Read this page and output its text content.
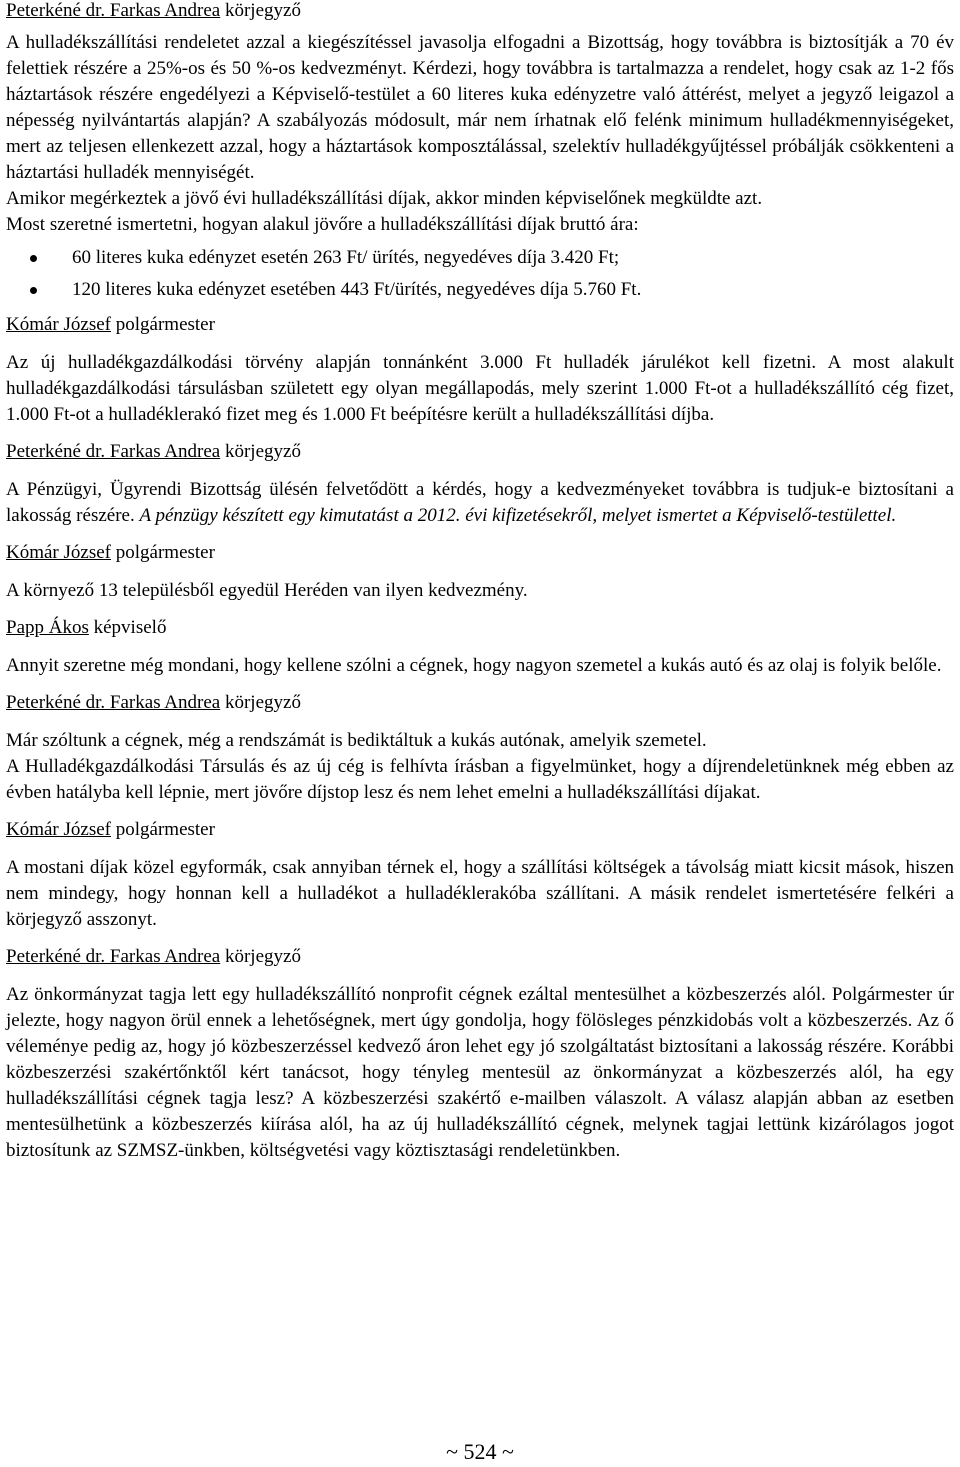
Peterkéné dr. Farkas Andrea körjegyző

A hulladékszállítási rendeletet azzal a kiegészítéssel javasolja elfogadni a Bizottság, hogy továbbra is biztosítják a 70 év felettiek részére a 25%-os és 50 %-os kedvezményt. Kérdezi, hogy továbbra is tartalmazza a rendelet, hogy csak az 1-2 fős háztartások részére engedélyezi a Képviselő-testület a 60 literes kuka edényzetre való áttérést, melyet a jegyző leigazol a népesség nyilvántartás alapján? A szabályozás módosult, már nem írhatnak elő felénk minimum hulladékmennyiségeket, mert az teljesen ellenkezett azzal, hogy a háztartások komposztálással, szelektív hulladékgyűjtéssel próbálják csökkenteni a háztartási hulladék mennyiségét.

Amikor megérkeztek a jövő évi hulladékszállítási díjak, akkor minden képviselőnek megküldte azt.

Most szeretné ismertetni, hogyan alakul jövőre a hulladékszállítási díjak bruttó ára:

60 literes kuka edényzet esetén 263 Ft/ ürítés, negyedéves díja 3.420 Ft;
120 literes kuka edényzet esetében 443 Ft/ürítés, negyedéves díja 5.760 Ft.
Kómár József polgármester

Az új hulladékgazdálkodási törvény alapján tonnánként 3.000 Ft hulladék járulékot kell fizetni. A most alakult hulladékgazdálkodási társulásban született egy olyan megállapodás, mely szerint 1.000 Ft-ot a hulladékszállító cég fizet, 1.000 Ft-ot a hulladéklerakó fizet meg és 1.000 Ft beépítésre került a hulladékszállítási díjba.

Peterkéné dr. Farkas Andrea körjegyző

A Pénzügyi, Ügyrendi Bizottság ülésén felvetődött a kérdés, hogy a kedvezményeket továbbra is tudjuk-e biztosítani a lakosság részére. A pénzügy készített egy kimutatást a 2012. évi kifizetésekről, melyet ismertet a Képviselő-testülettel.

Kómár József polgármester

A környező 13 településből egyedül Heréden van ilyen kedvezmény.

Papp Ákos képviselő

Annyit szeretne még mondani, hogy kellene szólni a cégnek, hogy nagyon szemetel a kukás autó és az olaj is folyik belőle.

Peterkéné dr. Farkas Andrea körjegyző

Már szóltunk a cégnek, még a rendszámát is bediktáltuk a kukás autónak, amelyik szemetel.

A Hulladékgazdálkodási Társulás és az új cég is felhívta írásban a figyelmünket, hogy a díjrendeletünknek még ebben az évben hatályba kell lépnie, mert jövőre díjstop lesz és nem lehet emelni a hulladékszállítási díjakat.

Kómár József polgármester

A mostani díjak közel egyformák, csak annyiban térnek el, hogy a szállítási költségek a távolság miatt kicsit mások, hiszen nem mindegy, hogy honnan kell a hulladékot a hulladéklerakóba szállítani. A másik rendelet ismertetésére felkéri a körjegyző asszonyt.

Peterkéné dr. Farkas Andrea körjegyző

Az önkormányzat tagja lett egy hulladékszállító nonprofit cégnek ezáltal mentesülhet a közbeszerzés alól. Polgármester úr jelezte, hogy nagyon örül ennek a lehetőségnek, mert úgy gondolja, hogy fölösleges pénzkidobás volt a közbeszerzés. Az ő véleménye pedig az, hogy jó közbeszerzéssel kedvező áron lehet egy jó szolgáltatást biztosítani a lakosság részére. Korábbi közbeszerzési szakértőnktől kért tanácsot, hogy tényleg mentesül az önkormányzat a közbeszerzés alól, ha egy hulladékszállítási cégnek tagja lesz? A közbeszerzési szakértő e-mailben válaszolt. A válasz alapján abban az esetben mentesülhetünk a közbeszerzés kiírása alól, ha az új hulladékszállító cégnek, melynek tagjai lettünk kizárólagos jogot biztosítunk az SZMSZ-ünkben, költségvetési vagy köztisztasági rendeletünkben.

~ 524 ~
